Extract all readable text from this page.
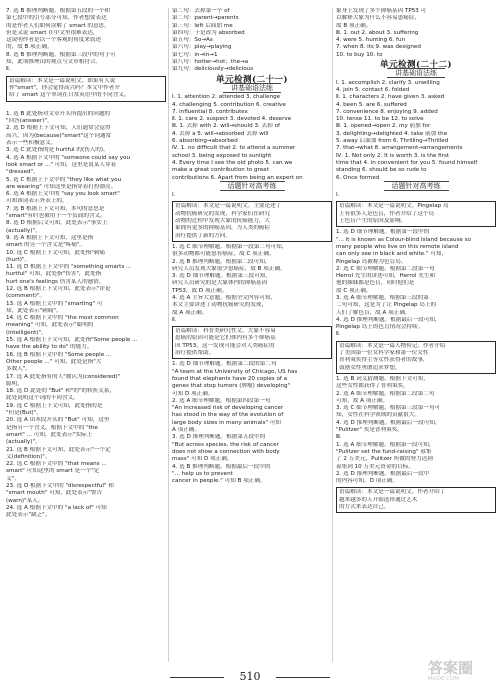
7. 选 B 推理判断题。根据第五段的一个和

第七段中的引号部分可知，作者想要表达

的是作者人们如何误解了 smart 的意思，

但是又说 smart 在中文里很难表达，

这说明作者是以一个客观的角度来叙述

的，故 B 项正确。

8. 选 B 推理判断题。根据第三段中的句子可

知，此项推理出的观点与文章相符合。

Ⅱ.

语篇解读：本文是一篇说明文。如果有人说

你"smart"，你会觉得高兴吗？本文中作者介

绍了 smart 这个单词在日常英语中的不同含义。

1. 选 B 此处指对文章开头所提出的问题的

"回答(answer)"。

2. 选 D 根据上下文可知，人们通常会觉得

高兴，因为(because)"smart"这个词通常

表示一些积极意义。

3. 选 C 此处指的是 hurtful 的(伤人的)。

4. 选 A 根据下文中的 "someone could say you

look smart or ..." 可知，这里是说某人穿着

"dressed"。

5. 选 C 根据上下文中的 "they like what you

are wearing" 可知这里是指穿着打扮漂亮。

6. 选 A 根据上文中的 "say you look smart"

可知该词表示外表上的。

7. 选 B 根据上下文可知，本句的意思是

"smart"有时也被用于一个负面的含义。

8. 选 D 根据后文可知，此处表示"事实上

(actually)"。

9. 选 A 根据上下文可知，这里是指

smart 的另一个含义是"疼痛"。

10. 选 C 根据上下文可知，此处指"刺痛

(hurt)"。

11. 选 D 根据上下文中的 "something smarts ...

hurtful" 可知，此处指"伤害"，此处指

hurt one's feelings 伤害某人的感情。

12. 选 B 根据上下文可知，此处表示"评论

(comment)"。

13. 选 A 根据上文中的 "smarting" 可

知，此处表示"刺痛"。

14. 选 C 根据下文中的 "the most common

meaning" 可知，此处表示"聪明的

(intelligent)"。

15. 选 A 根据上下文可知，此处指"Some people ...

have the ability to do" 的能力。

16. 选 B 根据下文中的 "Some people ...

Other people ..." 可知，此处是指"大

多数人"。

17. 选 A 此处指有的人"被认为(considered)"

聪明。

18. 选 D 此处的 "But" 和"的"的转折关系，

此处说明这个词的不同含义。

19. 选 C 根据上下文可知，此处指的是

"但是(But)"。

20. 选 A 由本段开头的 "But" 可知，这里

是指另一个含义。根据下文中的 "the

smart" ... 可知，此处表示"实际上

(actually)"。

21. 选 B 根据下文可知，此处表示"一个定

义(definition)"。

22. 选 C 根据下文中的 "that means ...

smart" 可知这里的 smart 是一个"定

义"。

23. 选 D 根据下文中的 "disrespectful" 和

"smart mouth" 可知，此处表示"警告

(warn)"某人。

24. 选 A 根据下文中的 "a lack of" 可知

此处表示"缺乏"。

第二句：去掉第一个 of

第二句：parent→parents

第三句：left 后面加 me

第四句：于是改为 absorbed

第五句：So→As

第六句：play→playing

第七句：in→in→1

第八句：hotter→hot；the→a

第九句：deliciously→delicious

单元检测(二十一)
讲基础语法练

Ⅰ. 1. attention 2. attended 3. challenge

4. challenging 5. contribution 6. creative

7. influential 8. contributes

Ⅱ. 1. care 2. suspect 3. devoted 4. deserve

Ⅲ. 1. 去掉 with 2. will→should 3. 去掉 of

4. 去掉 a 5. will→absorbed 去掉 will

6. absorbing→absorbed

Ⅳ. 1. no difficult that 2. to attend a summer

school 3. being exposed to sunlight

4. Every time I see the old photo 5. can we

make a great contribution to great

contributions 6. Apart from being an expert on

话题针对高考练

Ⅰ.

语篇解读：本文是一篇说明文。主要论述了

动物抗癌研究的发现，科学家们在研究

动物的过程中发现大象的抗癌能力，大

象拥有更多的抑癌基因，为人类的癌症

治疗提供了新的方向。

1. 选 C 细节理解题。根据第一段第二句可知，

很多动物都可能患有癌症，故 C 项正确。

2. 选 B 推理判断题。根据第二段可知，

研究人员发现大象很少患癌症，故 B 项正确。

3. 选 D 细节理解题。根据第三段可知，

研究人员研究的是大象体内的抑癌基因

TP53，故 D 项正确。

4. 选 A 主旨大意题。根据全文内容可知，

本文主要讲述了动物抗癌研究的发现，

故 A 项正确。

Ⅱ.

语篇解读：科普类研究性文。大象不容易

患癌的原因可能是它们体内有多个抑癌基

因 TP53，这一发现可能会对人类癌症的

治疗提供帮助。

1. 选 D 细节理解题。根据第二段的第二句

"A team at the University of Chicago, US has

found that elephants have 20 copies of a

genes that stop tumors (肿瘤) developing"

可知 D 项正确。

2. 选 A 细节理解题。根据第四段第一句

"An increased risk of developing cancer

has stood in the way of the evolution of

large body sizes in many animals" 可知

A 项正确。

3. 选 D 推理判断题。根据第五段中的

"But across species, the risk of cancer

does not show a connection with body

mass" 可知 D 项正确。

4. 选 B 推理判断题。根据最后一段中的

"... help us to prevent

cancer in people." 可知 B 项正确。

象身上发现了多个抑癌基因 TP53 可

以解释大象为什么不容易患癌症，

故 B 项正确。

Ⅲ. 1. out 2. about 3. suffering

4. were 5. hunting 6. fun

7. when 8. its 9. was designed

10. to buy 10. to

单元检测(二十二)
讲基础语法练

Ⅰ. 1. accomplish 2. clarify 3. unwilling

4. join 5. contact 6. folded

Ⅱ. 1. characters 2. have given 3. asked

4. been 5. are 6. suffered

7. convenience 8. enjoying 9. added

10. tense 11. to be 12. to solve

Ⅲ. 1. opened→open 2. my 前加 for

3. delighting→delighted 4. take 前加 the

5. away 后面加 from 6. Thrilling→Thrilled

7. that→what 8. arrangement→arrangements

Ⅳ. 1. Not only 2. It is worth 3. is the first

time that 4. in convenient for you 5. found himself

standing 6. should be so rude to

6. Once formed

话题针对高考练

Ⅰ.

语篇解读：本文是一篇说明文。Pingelap 岛

上有很多人是色盲，作者介绍了这个岛

上色盲产生的原因及影响。

1. 选 D 细节理解题。根据第一段中的

"... it is known as Colour-blind Island because so

many people who live on this remote island

can only see in black and white." 可知，

Pingelap 岛被称为色盲岛。

2. 选 C 细节理解题。根据第二段第一句

Herrol 先生的讲述可知，Herrol 先生和

他的妹妹都是色盲，同时他们是

故 C 项正确。

3. 选 A 细节理解题。根据第三段的第

二句可知，这是为了让 Pingelap 岛上的

人们了解色盲，故 A 项正确。

4. 选 D 推理判断题。根据最后一段可知，

Pingelap 岛上的色盲情况会持续。

Ⅱ.

语篇解读：本文是一篇人物传记。作者介绍

了美国第一位女科学家和第一位女性

普利策奖得主等女性获得者的故事，

鼓励女性勇敢追求梦想。

1. 选 B 词义猜测题。根据下文可知，

这些女性都获得了普利策奖。

2. 选 A 细节理解题。根据第二段第二句

可知，故 A 项正确。

3. 选 C 细节理解题。根据第三段第一句可

知，女性在科学领域的贡献很大。

4. 选 D 推理判断题。根据最后一段可知，

"Pulitzer" 奖是普利策奖。

Ⅲ.

1. 选 A 细节理解题。根据第一段可知，

"Pulitzer set the fund-raising" 募集

了 2 万美元，Pulitzer 所做的努力达到

募集到 10 万美元资金的目标。

2. 选 D 推理判断题。根据最后一段中

的内容可知，D 项正确。

语篇解读：本文是一篇说明文。作者介绍了

越来越多的人开始选择通过艺术

的方式来表达自己。

510	答案圈
MXQE.COM
